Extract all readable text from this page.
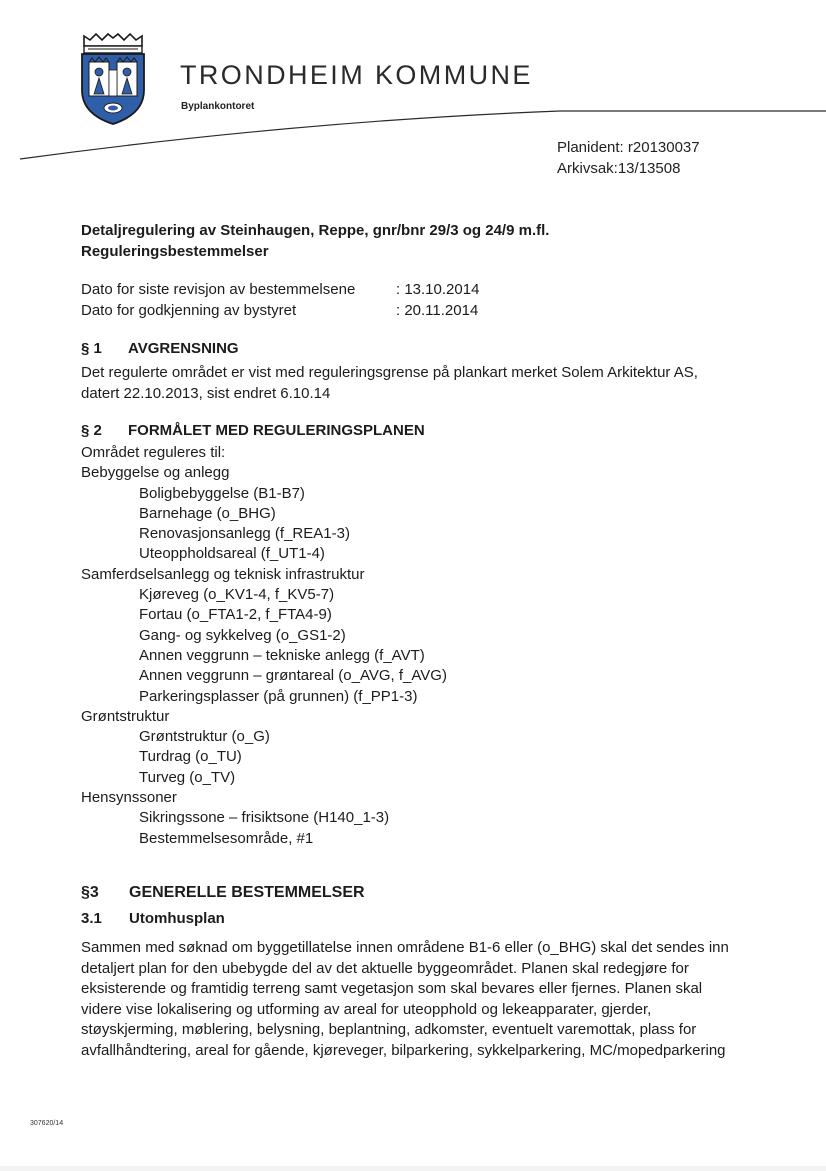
TRONDHEIM KOMMUNE
Byplankontoret
Planident: r20130037
Arkivsak:13/13508
Detaljregulering av Steinhaugen, Reppe, gnr/bnr 29/3 og 24/9 m.fl.
Reguleringsbestemmelser
Dato for siste revisjon av bestemmelsene	: 13.10.2014
Dato for godkjenning av bystyret	: 20.11.2014
§ 1 AVGRENSNING
Det regulerte området er vist med reguleringsgrense på plankart merket Solem Arkitektur AS,
datert 22.10.2013, sist endret 6.10.14
§ 2 FORMÅLET MED REGULERINGSPLANEN
Området reguleres til:
Bebyggelse og anlegg
Boligbebyggelse (B1-B7)
Barnehage (o_BHG)
Renovasjonsanlegg (f_REA1-3)
Uteoppholdsareal (f_UT1-4)
Samferdselsanlegg og teknisk infrastruktur
Kjøreveg (o_KV1-4, f_KV5-7)
Fortau (o_FTA1-2, f_FTA4-9)
Gang- og sykkelveg (o_GS1-2)
Annen veggrunn – tekniske anlegg (f_AVT)
Annen veggrunn – grøntareal (o_AVG, f_AVG)
Parkeringsplasser (på grunnen) (f_PP1-3)
Grøntstruktur
Grøntstruktur (o_G)
Turdrag (o_TU)
Turveg (o_TV)
Hensynssoner
Sikringssone – frisiktsone (H140_1-3)
Bestemmelsesområde, #1
§3 GENERELLE BESTEMMELSER
3.1 Utomhusplan
Sammen med søknad om byggetillatelse innen områdene B1-6 eller (o_BHG) skal det sendes inn
detaljert plan for den ubebygde del av det aktuelle byggeområdet. Planen skal redegjøre for
eksisterende og framtidig terreng samt vegetasjon som skal bevares eller fjernes. Planen skal
videre vise lokalisering og utforming av areal for uteopphold og lekeapparater, gjerder,
støyskjerming, møblering, belysning, beplantning, adkomster, eventuelt varemottak, plass for
avfallhåndtering, areal for gående, kjøreveger, bilparkering, sykkelparkering, MC/mopedparkering
307620/14
